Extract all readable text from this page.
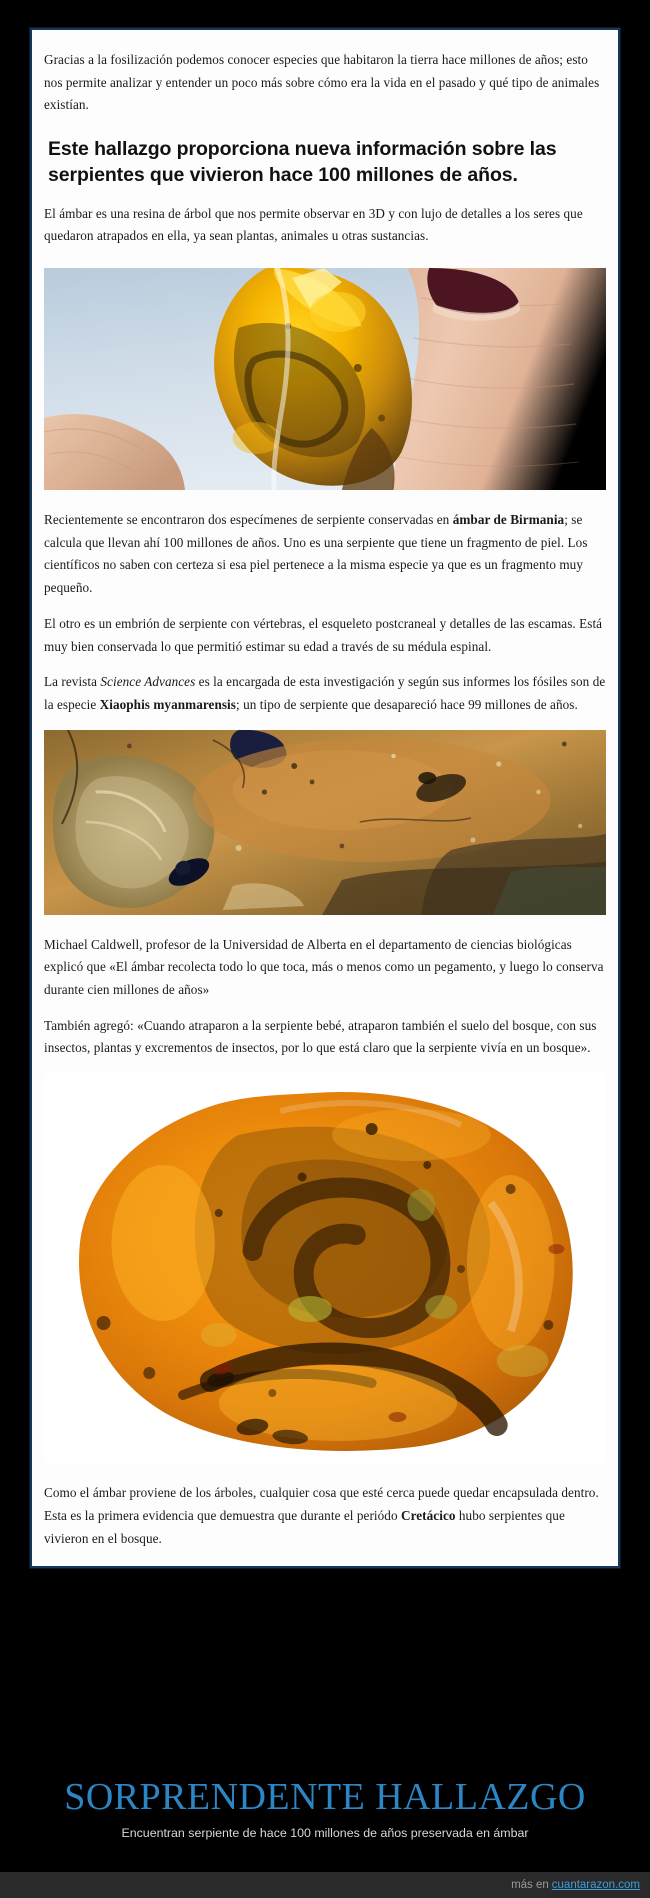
Gracias a la fosilización podemos conocer especies que habitaron la tierra hace millones de años; esto nos permite analizar y entender un poco más sobre cómo era la vida en el pasado y qué tipo de animales existían.

Este hallazgo proporciona nueva información sobre las serpientes que vivieron hace 100 millones de años.

El ámbar es una resina de árbol que nos permite observar en 3D y con lujo de detalles a los seres que quedaron atrapados en ella, ya sean plantas, animales u otras sustancias.

Recientemente se encontraron dos especímenes de serpiente conservadas en ámbar de Birmania; se calcula que llevan ahí 100 millones de años. Uno es una serpiente que tiene un fragmento de piel. Los científicos no saben con certeza si esa piel pertenece a la misma especie ya que es un fragmento muy pequeño.

El otro es un embrión de serpiente con vértebras, el esqueleto postcraneal y detalles de las escamas. Está muy bien conservada lo que permitió estimar su edad a través de su médula espinal.

La revista Science Advances es la encargada de esta investigación y según sus informes los fósiles son de la especie Xiaophis myanmarensis; un tipo de serpiente que desapareció hace 99 millones de años.

Michael Caldwell, profesor de la Universidad de Alberta en el departamento de ciencias biológicas explicó que «El ámbar recolecta todo lo que toca, más o menos como un pegamento, y luego lo conserva durante cien millones de años»

También agregó: «Cuando atraparon a la serpiente bebé, atraparon también el suelo del bosque, con sus insectos, plantas y excrementos de insectos, por lo que está claro que la serpiente vivía en un bosque».

Como el ámbar proviene de los árboles, cualquier cosa que esté cerca puede quedar encapsulada dentro. Esta es la primera evidencia que demuestra que durante el periódo Cretácico hubo serpientes que vivieron en el bosque.

SORPRENDENTE HALLAZGO
Encuentran serpiente de hace 100 millones de años preservada en ámbar
más en cuantarazon.com
